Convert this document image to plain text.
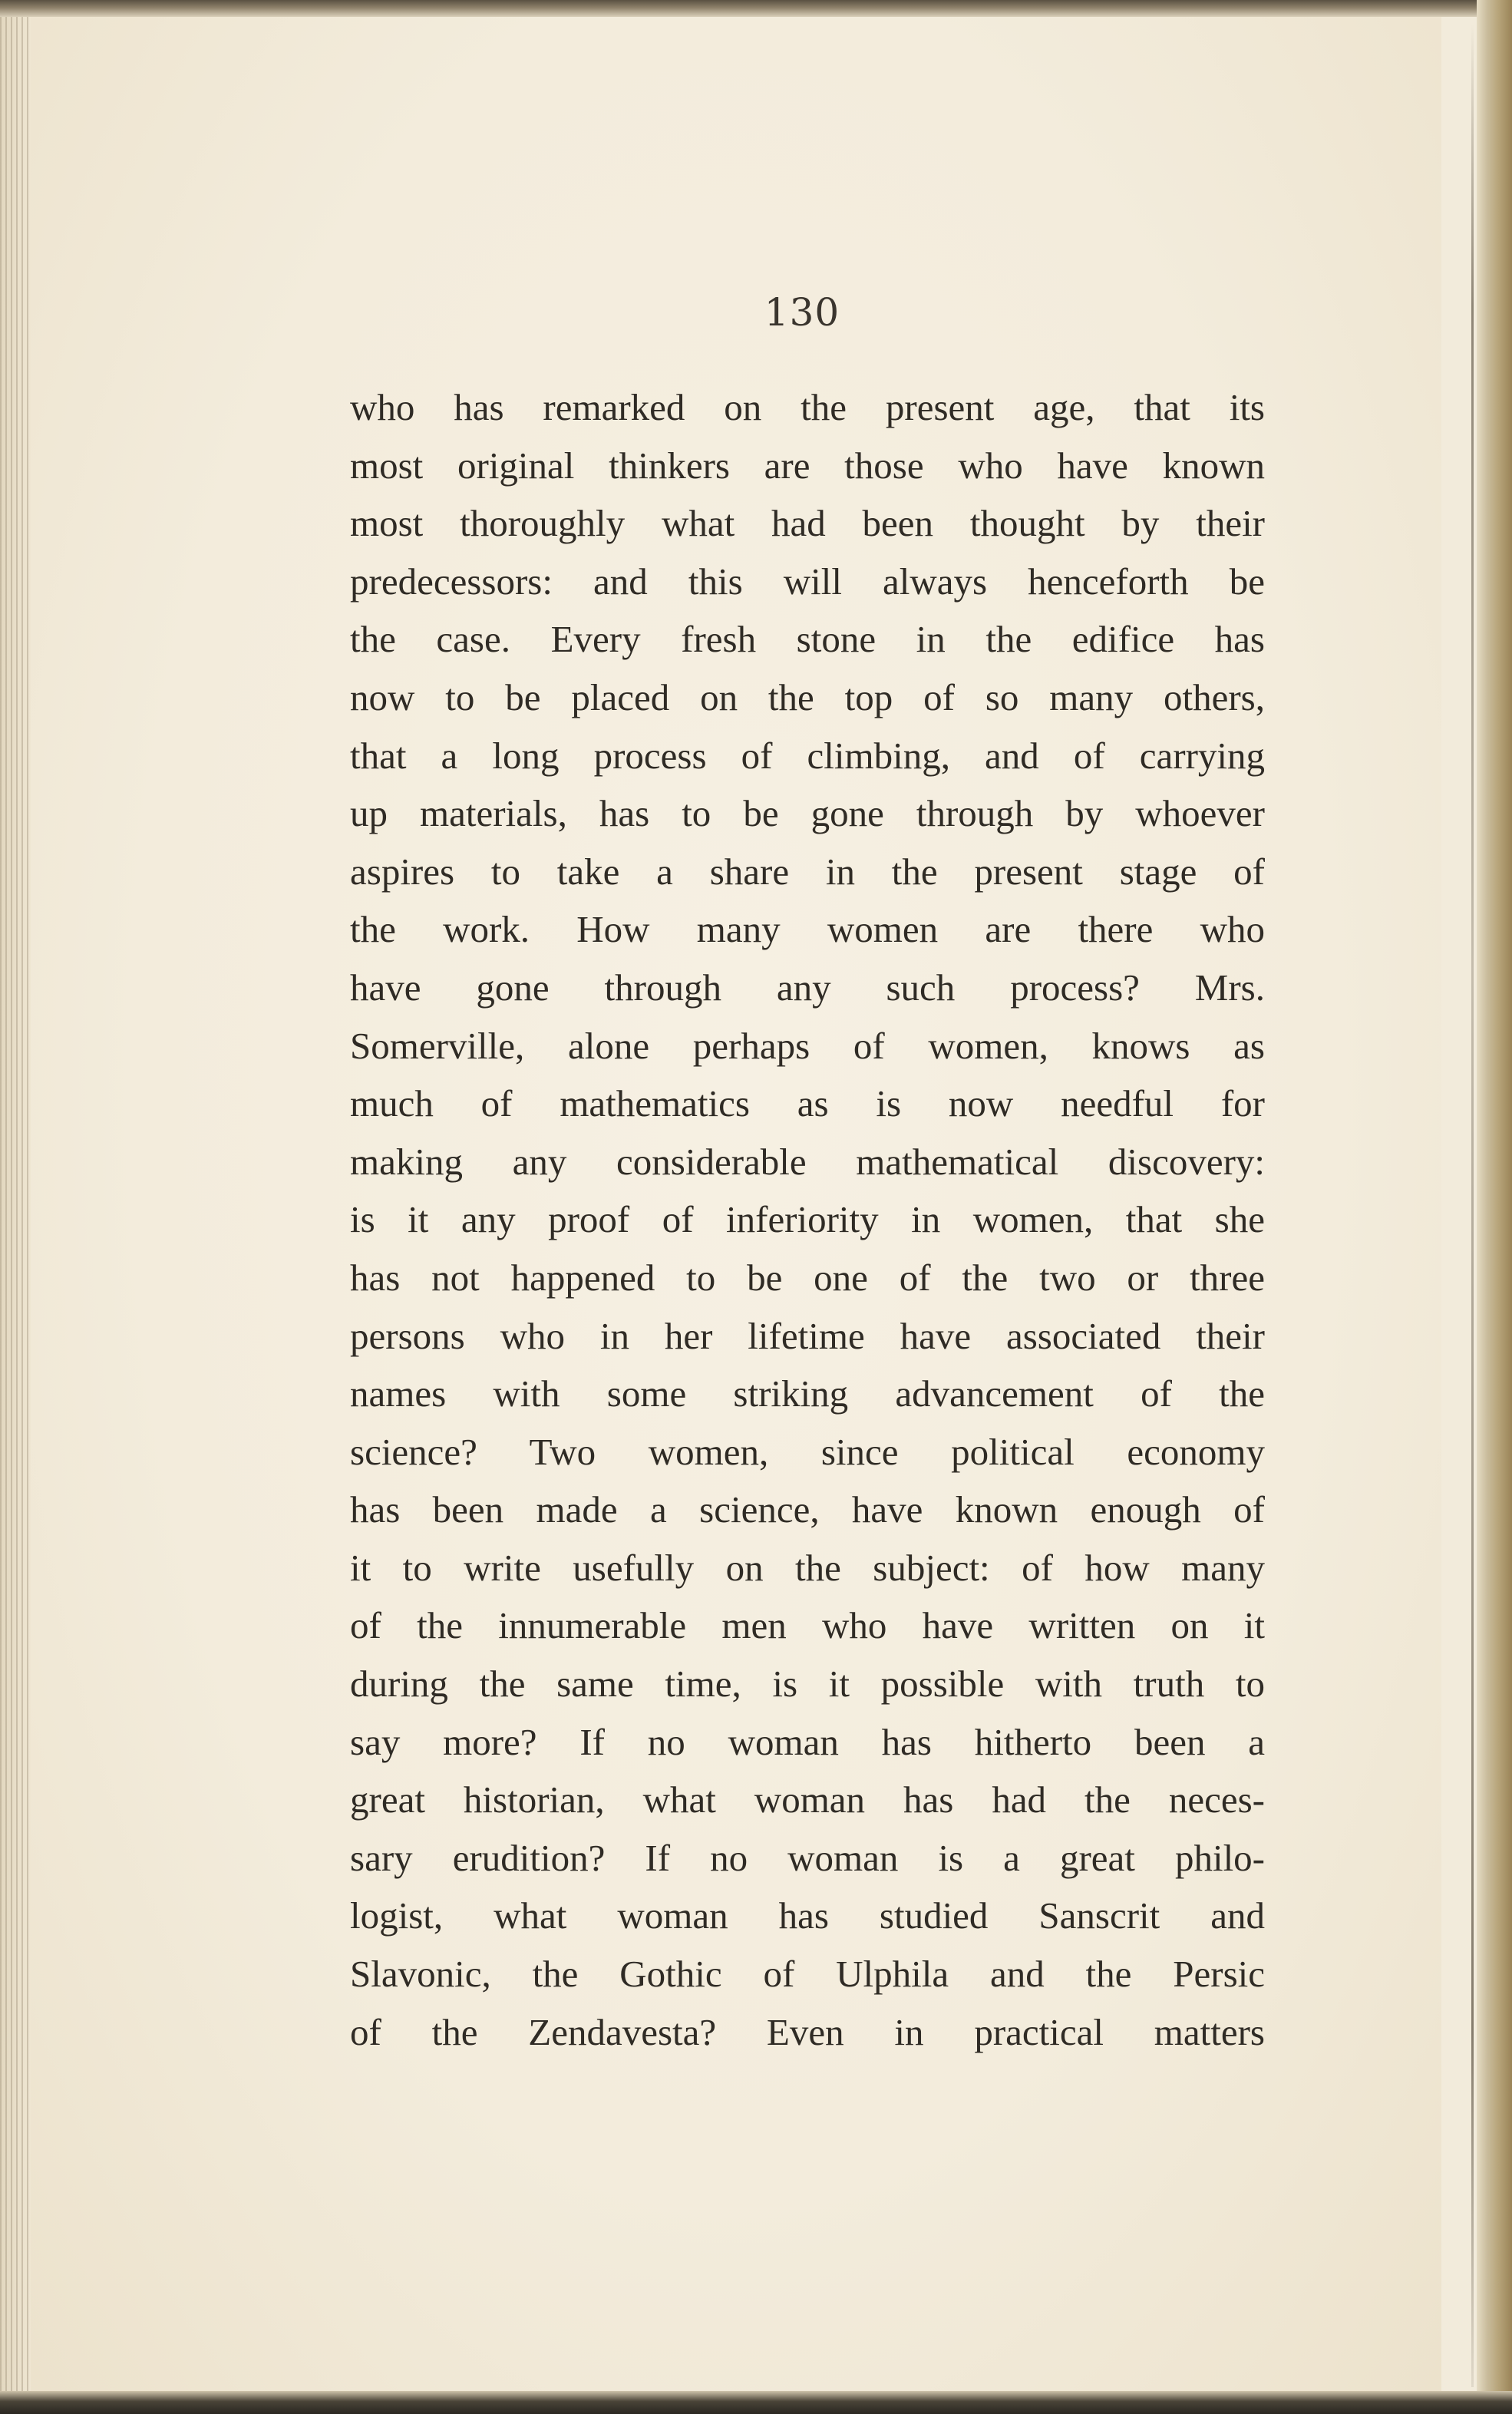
130
who has remarked on the present age, that its
most original thinkers are those who have known
most thoroughly what had been thought by their
predecessors: and this will always henceforth be
the case. Every fresh stone in the edifice has
now to be placed on the top of so many others,
that a long process of climbing, and of carrying
up materials, has to be gone through by whoever
aspires to take a share in the present stage of
the work. How many women are there who
have gone through any such process? Mrs.
Somerville, alone perhaps of women, knows as
much of mathematics as is now needful for
making any considerable mathematical discovery:
is it any proof of inferiority in women, that she
has not happened to be one of the two or three
persons who in her lifetime have associated their
names with some striking advancement of the
science? Two women, since political economy
has been made a science, have known enough of
it to write usefully on the subject: of how many
of the innumerable men who have written on it
during the same time, is it possible with truth to
say more? If no woman has hitherto been a
great historian, what woman has had the neces-
sary erudition? If no woman is a great philo-
logist, what woman has studied Sanscrit and
Slavonic, the Gothic of Ulphila and the Persic
of the Zendavesta? Even in practical matters
